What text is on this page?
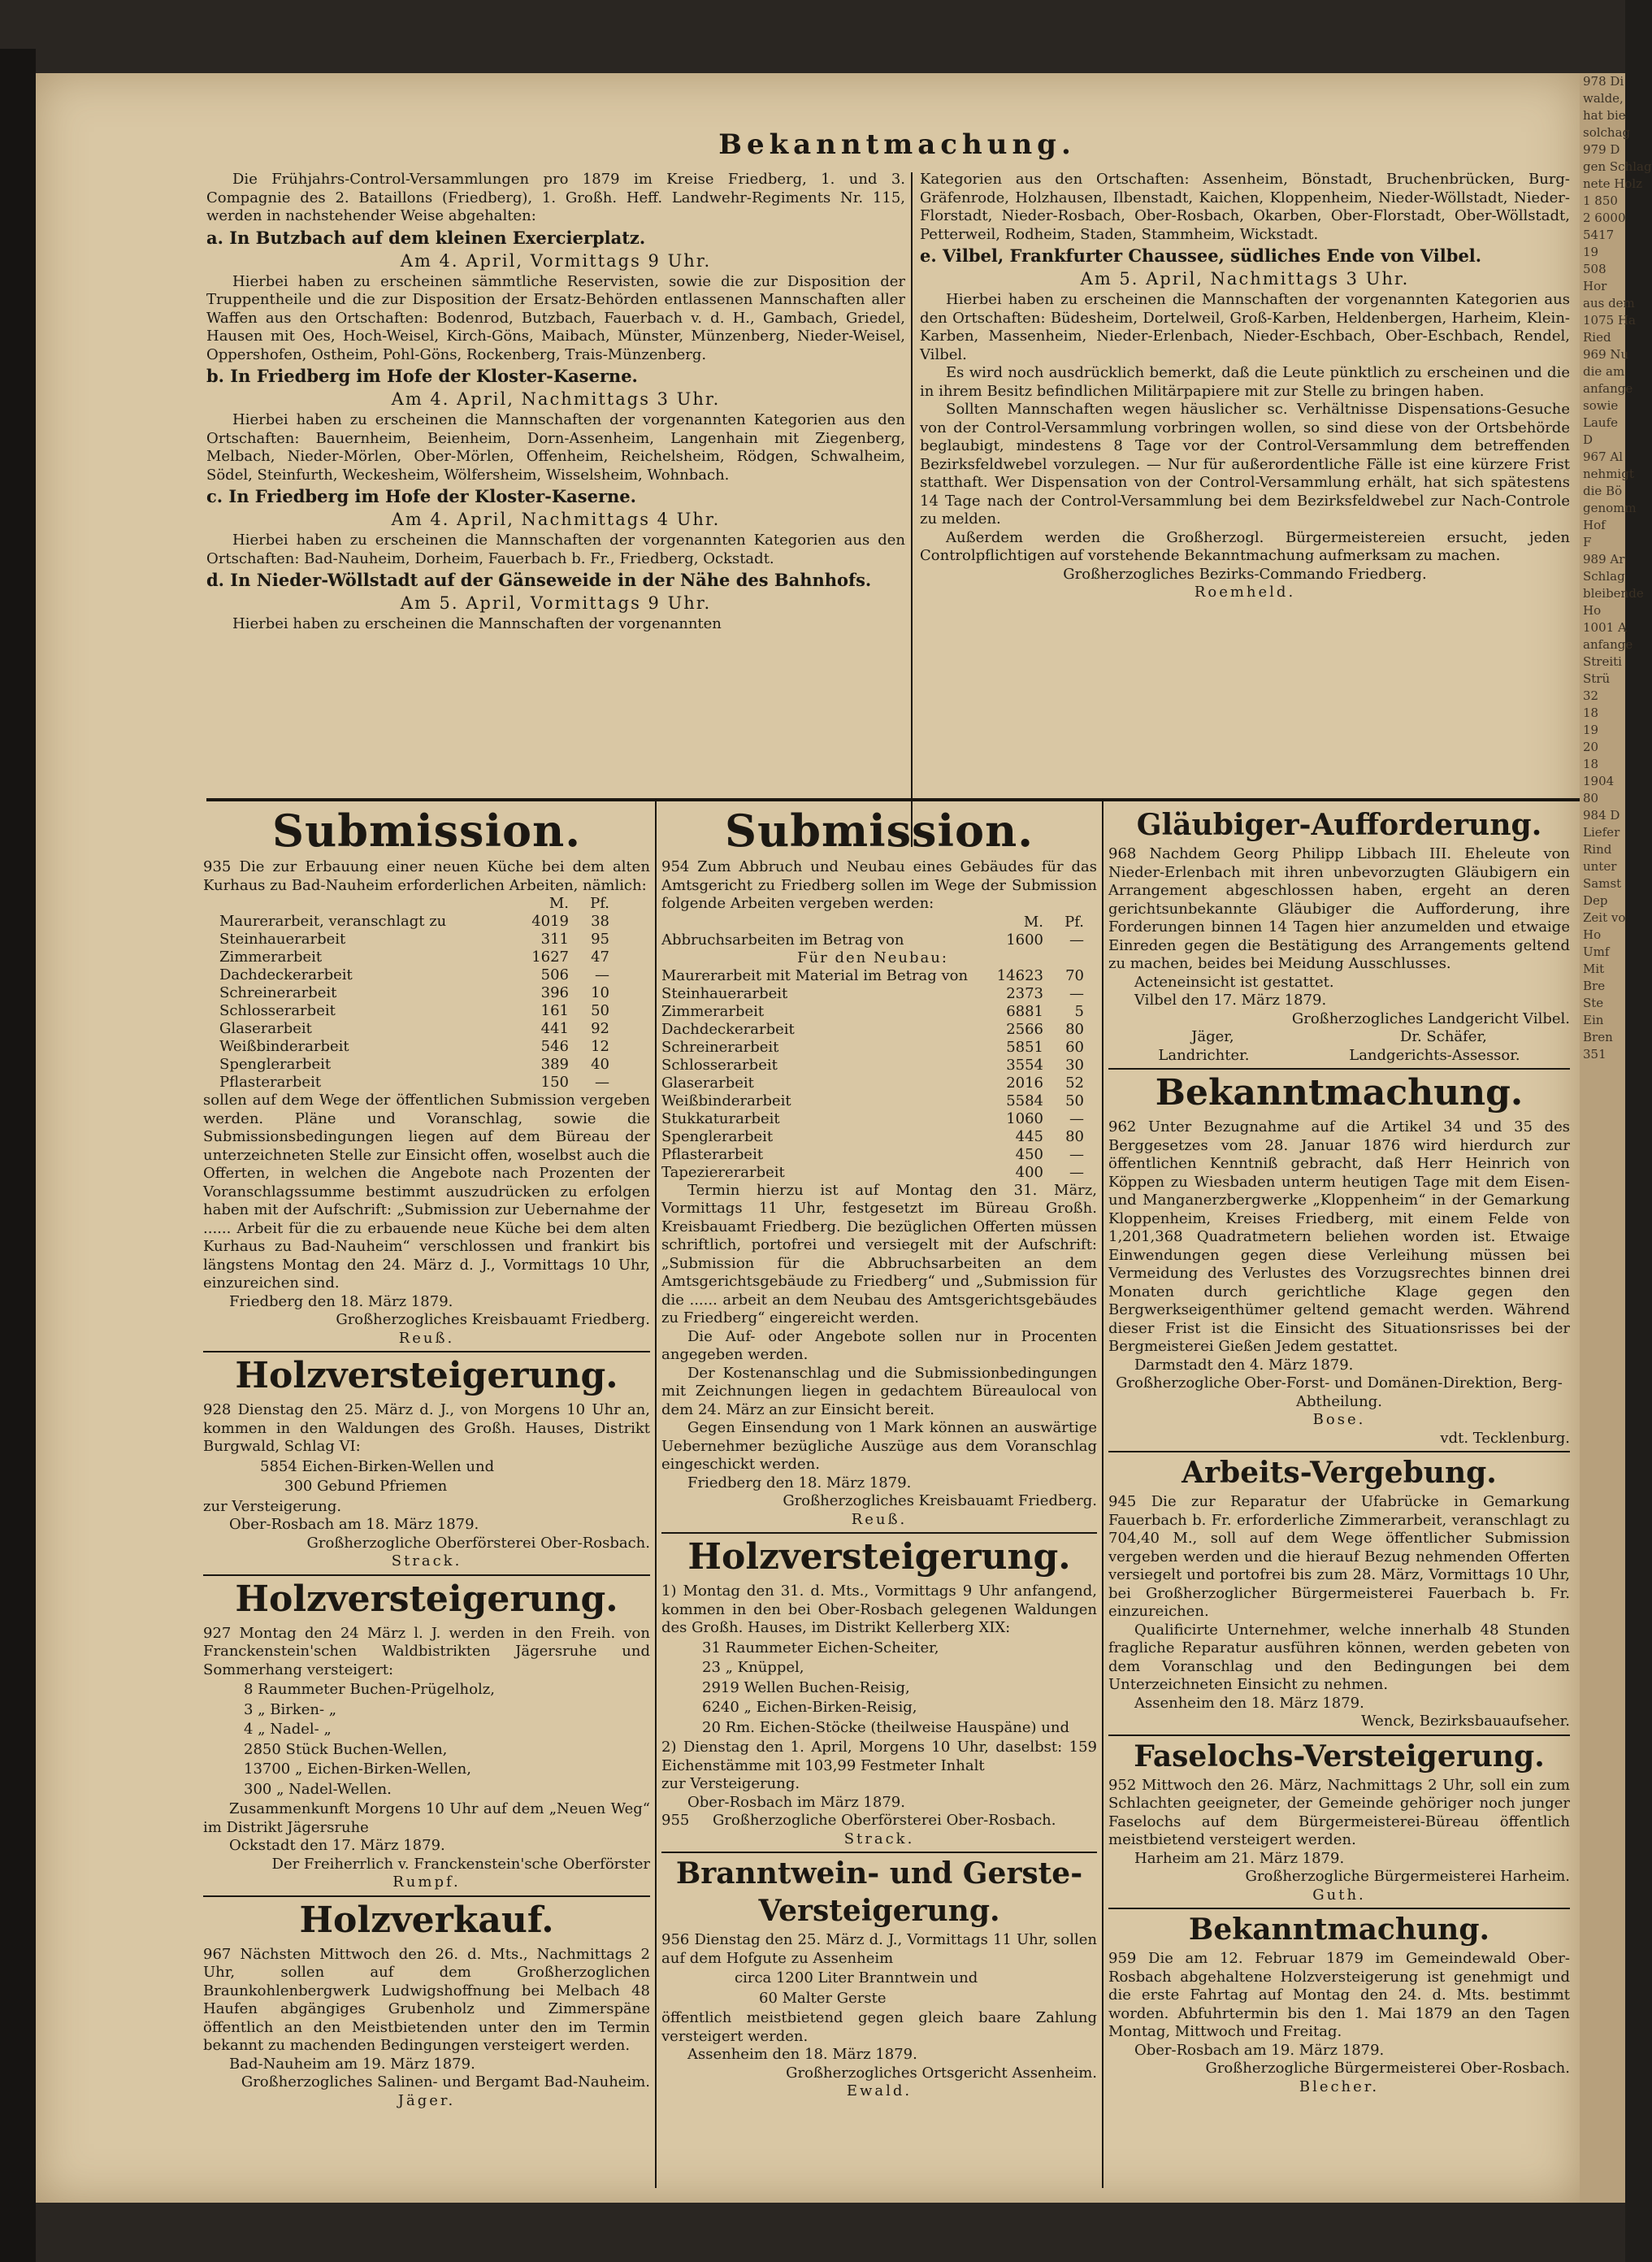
978 Di
walde,
hat bie
solchag
979 D
gen Schlag
nete Holz
1 850
2 6000
5417
19
508
Hor
aus dem
1075 Ha
Ried
969 Nu
die am
anfange
sowie
Laufe
D
967 Al
nehmigt
die Bö
genomm
Hof
F
989 Ar
Schlag
bleibende
Ho
1001 A
anfange
Streiti
Strü
32
18
19
20
18
1904
80
984 D
Liefer
Rind
unter
Samst
Dep
Zeit vo
Ho
Umf
Mit
Bre
Ste
Ein
Bren
351
Bekanntmachung.

Die Frühjahrs-Control-Versammlungen pro 1879 im Kreise Friedberg, 1. und 3. Compagnie des 2. Bataillons (Friedberg), 1. Großh. Heff. Landwehr-Regiments Nr. 115, werden in nachstehender Weise abgehalten:

a. In Butzbach auf dem kleinen Exercierplatz.

Am 4. April, Vormittags 9 Uhr.

Hierbei haben zu erscheinen sämmtliche Reservisten, sowie die zur Disposition der Truppentheile und die zur Disposition der Ersatz-Behörden entlassenen Mannschaften aller Waffen aus den Ortschaften: Bodenrod, Butzbach, Fauerbach v. d. H., Gambach, Griedel, Hausen mit Oes, Hoch-Weisel, Kirch-Göns, Maibach, Münster, Münzenberg, Nieder-Weisel, Oppershofen, Ostheim, Pohl-Göns, Rockenberg, Trais-Münzenberg.

b. In Friedberg im Hofe der Kloster-Kaserne.

Am 4. April, Nachmittags 3 Uhr.

Hierbei haben zu erscheinen die Mannschaften der vorgenannten Kategorien aus den Ortschaften: Bauernheim, Beienheim, Dorn-Assenheim, Langenhain mit Ziegenberg, Melbach, Nieder-Mörlen, Ober-Mörlen, Offenheim, Reichelsheim, Rödgen, Schwalheim, Södel, Steinfurth, Weckesheim, Wölfersheim, Wisselsheim, Wohnbach.

c. In Friedberg im Hofe der Kloster-Kaserne.

Am 4. April, Nachmittags 4 Uhr.

Hierbei haben zu erscheinen die Mannschaften der vorgenannten Kategorien aus den Ortschaften: Bad-Nauheim, Dorheim, Fauerbach b. Fr., Friedberg, Ockstadt.

d. In Nieder-Wöllstadt auf der Gänseweide in der Nähe des Bahnhofs.

Am 5. April, Vormittags 9 Uhr.

Hierbei haben zu erscheinen die Mannschaften der vorgenannten

Kategorien aus den Ortschaften: Assenheim, Bönstadt, Bruchenbrücken, Burg-Gräfenrode, Holzhausen, Ilbenstadt, Kaichen, Kloppenheim, Nieder-Wöllstadt, Nieder-Florstadt, Nieder-Rosbach, Ober-Rosbach, Okarben, Ober-Florstadt, Ober-Wöllstadt, Petterweil, Rodheim, Staden, Stammheim, Wickstadt.

e. Vilbel, Frankfurter Chaussee, südliches Ende von Vilbel.

Am 5. April, Nachmittags 3 Uhr.

Hierbei haben zu erscheinen die Mannschaften der vorgenannten Kategorien aus den Ortschaften: Büdesheim, Dortelweil, Groß-Karben, Heldenbergen, Harheim, Klein-Karben, Massenheim, Nieder-Erlenbach, Nieder-Eschbach, Ober-Eschbach, Rendel, Vilbel.

Es wird noch ausdrücklich bemerkt, daß die Leute pünktlich zu erscheinen und die in ihrem Besitz befindlichen Militärpapiere mit zur Stelle zu bringen haben.

Sollten Mannschaften wegen häuslicher sc. Verhältnisse Dispensations-Gesuche von der Control-Versammlung vorbringen wollen, so sind diese von der Ortsbehörde beglaubigt, mindestens 8 Tage vor der Control-Versammlung dem betreffenden Bezirksfeldwebel vorzulegen. — Nur für außerordentliche Fälle ist eine kürzere Frist statthaft. Wer Dispensation von der Control-Versammlung erhält, hat sich spätestens 14 Tage nach der Control-Versammlung bei dem Bezirksfeldwebel zur Nach-Controle zu melden.

Außerdem werden die Großherzogl. Bürgermeistereien ersucht, jeden Controlpflichtigen auf vorstehende Bekanntmachung aufmerksam zu machen.

Großherzogliches Bezirks-Commando Friedberg.

Roemheld.

Submission.

935 Die zur Erbauung einer neuen Küche bei dem alten Kurhaus zu Bad-Nauheim erforderlichen Arbeiten, nämlich:

	M.	Pf.
Maurerarbeit, veranschlagt zu	4019	38
Steinhauerarbeit	311	95
Zimmerarbeit	1627	47
Dachdeckerarbeit	506	—
Schreinerarbeit	396	10
Schlosserarbeit	161	50
Glaserarbeit	441	92
Weißbinderarbeit	546	12
Spenglerarbeit	389	40
Pflasterarbeit	150	—

sollen auf dem Wege der öffentlichen Submission vergeben werden. Pläne und Voranschlag, sowie die Submissionsbedingungen liegen auf dem Büreau der unterzeichneten Stelle zur Einsicht offen, woselbst auch die Offerten, in welchen die Angebote nach Prozenten der Voranschlagssumme bestimmt auszudrücken zu erfolgen haben mit der Aufschrift: „Submission zur Uebernahme der ...... Arbeit für die zu erbauende neue Küche bei dem alten Kurhaus zu Bad-Nauheim“ verschlossen und frankirt bis längstens Montag den 24. März d. J., Vormittags 10 Uhr, einzureichen sind.

Friedberg den 18. März 1879.

Großherzogliches Kreisbauamt Friedberg.

Reuß.

Holzversteigerung.

928 Dienstag den 25. März d. J., von Morgens 10 Uhr an, kommen in den Waldungen des Großh. Hauses, Distrikt Burgwald, Schlag VI:

5854 Eichen-Birken-Wellen und

300 Gebund Pfriemen

zur Versteigerung.

Ober-Rosbach am 18. März 1879.

Großherzogliche Oberförsterei Ober-Rosbach.

Strack.

Holzversteigerung.

927 Montag den 24 März l. J. werden in den Freih. von Franckenstein'schen Waldbistrikten Jägersruhe und Sommerhang versteigert:

8 Raummeter Buchen-Prügelholz,

3 „ Birken- „

4 „ Nadel- „

2850 Stück Buchen-Wellen,

13700 „ Eichen-Birken-Wellen,

300 „ Nadel-Wellen.

Zusammenkunft Morgens 10 Uhr auf dem „Neuen Weg“ im Distrikt Jägersruhe

Ockstadt den 17. März 1879.

Der Freiherrlich v. Franckenstein'sche Oberförster

Rumpf.

Holzverkauf.

967 Nächsten Mittwoch den 26. d. Mts., Nachmittags 2 Uhr, sollen auf dem Großherzoglichen Braunkohlenbergwerk Ludwigshoffnung bei Melbach 48 Haufen abgängiges Grubenholz und Zimmerspäne öffentlich an den Meistbietenden unter den im Termin bekannt zu machenden Bedingungen versteigert werden.

Bad-Nauheim am 19. März 1879.

Großherzogliches Salinen- und Bergamt Bad-Nauheim.

Jäger.

Submission.

954 Zum Abbruch und Neubau eines Gebäudes für das Amtsgericht zu Friedberg sollen im Wege der Submission folgende Arbeiten vergeben werden:

	M.	Pf.
Abbruchsarbeiten im Betrag von	1600	—
Für den Neubau:		
Maurerarbeit mit Material im Betrag von	14623	70
Steinhauerarbeit	2373	—
Zimmerarbeit	6881	5
Dachdeckerarbeit	2566	80
Schreinerarbeit	5851	60
Schlosserarbeit	3554	30
Glaserarbeit	2016	52
Weißbinderarbeit	5584	50
Stukkaturarbeit	1060	—
Spenglerarbeit	445	80
Pflasterarbeit	450	—
Tapeziererarbeit	400	—

Termin hierzu ist auf Montag den 31. März, Vormittags 11 Uhr, festgesetzt im Büreau Großh. Kreisbauamt Friedberg. Die bezüglichen Offerten müssen schriftlich, portofrei und versiegelt mit der Aufschrift: „Submission für die Abbruchsarbeiten an dem Amtsgerichtsgebäude zu Friedberg“ und „Submission für die ...... arbeit an dem Neubau des Amtsgerichtsgebäudes zu Friedberg“ eingereicht werden.

Die Auf- oder Angebote sollen nur in Procenten angegeben werden.

Der Kostenanschlag und die Submissionbedingungen mit Zeichnungen liegen in gedachtem Büreaulocal von dem 24. März an zur Einsicht bereit.

Gegen Einsendung von 1 Mark können an auswärtige Uebernehmer bezügliche Auszüge aus dem Voranschlag eingeschickt werden.

Friedberg den 18. März 1879.

Großherzogliches Kreisbauamt Friedberg.

Reuß.

Holzversteigerung.

1) Montag den 31. d. Mts., Vormittags 9 Uhr anfangend, kommen in den bei Ober-Rosbach gelegenen Waldungen des Großh. Hauses, im Distrikt Kellerberg XIX:

31 Raummeter Eichen-Scheiter,

23 „ Knüppel,

2919 Wellen Buchen-Reisig,

6240 „ Eichen-Birken-Reisig,

20 Rm. Eichen-Stöcke (theilweise Hauspäne) und

2) Dienstag den 1. April, Morgens 10 Uhr, daselbst: 159 Eichenstämme mit 103,99 Festmeter Inhalt

zur Versteigerung.

Ober-Rosbach im März 1879.

955 Großherzogliche Oberförsterei Ober-Rosbach.

Strack.

Branntwein- und Gerste-
Versteigerung.

956 Dienstag den 25. März d. J., Vormittags 11 Uhr, sollen auf dem Hofgute zu Assenheim

circa 1200 Liter Branntwein und

60 Malter Gerste

öffentlich meistbietend gegen gleich baare Zahlung versteigert werden.

Assenheim den 18. März 1879.

Großherzogliches Ortsgericht Assenheim.

Ewald.

Gläubiger-Aufforderung.

968 Nachdem Georg Philipp Libbach III. Eheleute von Nieder-Erlenbach mit ihren unbevorzugten Gläubigern ein Arrangement abgeschlossen haben, ergeht an deren gerichtsunbekannte Gläubiger die Aufforderung, ihre Forderungen binnen 14 Tagen hier anzumelden und etwaige Einreden gegen die Bestätigung des Arrangements geltend zu machen, beides bei Meidung Ausschlusses.

Acteneinsicht ist gestattet.

Vilbel den 17. März 1879.

Großherzogliches Landgericht Vilbel.

Jäger,	Dr. Schäfer,

Landrichter.	Landgerichts-Assessor.

Bekanntmachung.

962 Unter Bezugnahme auf die Artikel 34 und 35 des Berggesetzes vom 28. Januar 1876 wird hierdurch zur öffentlichen Kenntniß gebracht, daß Herr Heinrich von Köppen zu Wiesbaden unterm heutigen Tage mit dem Eisen- und Manganerzbergwerke „Kloppenheim“ in der Gemarkung Kloppenheim, Kreises Friedberg, mit einem Felde von 1,201,368 Quadratmetern beliehen worden ist. Etwaige Einwendungen gegen diese Verleihung müssen bei Vermeidung des Verlustes des Vorzugsrechtes binnen drei Monaten durch gerichtliche Klage gegen den Bergwerkseigenthümer geltend gemacht werden. Während dieser Frist ist die Einsicht des Situationsrisses bei der Bergmeisterei Gießen Jedem gestattet.

Darmstadt den 4. März 1879.

Großherzogliche Ober-Forst- und Domänen-Direktion, Berg-Abtheilung.

Bose.

vdt. Tecklenburg.

Arbeits-Vergebung.

945 Die zur Reparatur der Ufabrücke in Gemarkung Fauerbach b. Fr. erforderliche Zimmerarbeit, veranschlagt zu 704,40 M., soll auf dem Wege öffentlicher Submission vergeben werden und die hierauf Bezug nehmenden Offerten versiegelt und portofrei bis zum 28. März, Vormittags 10 Uhr, bei Großherzoglicher Bürgermeisterei Fauerbach b. Fr. einzureichen.

Qualificirte Unternehmer, welche innerhalb 48 Stunden fragliche Reparatur ausführen können, werden gebeten von dem Voranschlag und den Bedingungen bei dem Unterzeichneten Einsicht zu nehmen.

Assenheim den 18. März 1879.

Wenck, Bezirksbauaufseher.

Faselochs-Versteigerung.

952 Mittwoch den 26. März, Nachmittags 2 Uhr, soll ein zum Schlachten geeigneter, der Gemeinde gehöriger noch junger Faselochs auf dem Bürgermeisterei-Büreau öffentlich meistbietend versteigert werden.

Harheim am 21. März 1879.

Großherzogliche Bürgermeisterei Harheim.

Guth.

Bekanntmachung.

959 Die am 12. Februar 1879 im Gemeindewald Ober-Rosbach abgehaltene Holzversteigerung ist genehmigt und die erste Fahrtag auf Montag den 24. d. Mts. bestimmt worden. Abfuhrtermin bis den 1. Mai 1879 an den Tagen Montag, Mittwoch und Freitag.

Ober-Rosbach am 19. März 1879.

Großherzogliche Bürgermeisterei Ober-Rosbach.

Blecher.
